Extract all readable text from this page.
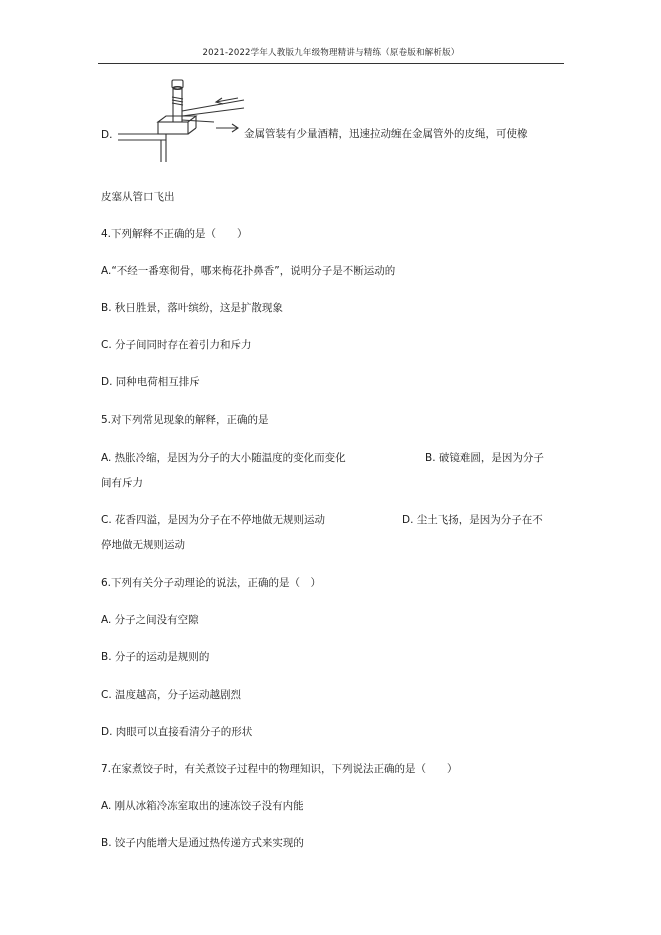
2021-2022学年人教版九年级物理精讲与精练（原卷版和解析版）
D.	金属管装有少量酒精，迅速拉动缠在金属管外的皮绳，可使橡
皮塞从管口飞出
4.下列解释不正确的是（　　）
A.“不经一番寒彻骨，哪来梅花扑鼻香”，说明分子是不断运动的
B. 秋日胜景，落叶缤纷，这是扩散现象
C. 分子间同时存在着引力和斥力
D. 同种电荷相互排斥
5.对下列常见现象的解释，正确的是
A. 热胀冷缩，是因为分子的大小随温度的变化而变化	B. 破镜难圆，是因为分子
间有斥力
C. 花香四溢，是因为分子在不停地做无规则运动	D. 尘土飞扬，是因为分子在不
停地做无规则运动
6.下列有关分子动理论的说法，正确的是（　）
A. 分子之间没有空隙
B. 分子的运动是规则的
C. 温度越高，分子运动越剧烈
D. 肉眼可以直接看清分子的形状
7.在家煮饺子时，有关煮饺子过程中的物理知识，下列说法正确的是（　　）
A. 刚从冰箱冷冻室取出的速冻饺子没有内能
B. 饺子内能增大是通过热传递方式来实现的
